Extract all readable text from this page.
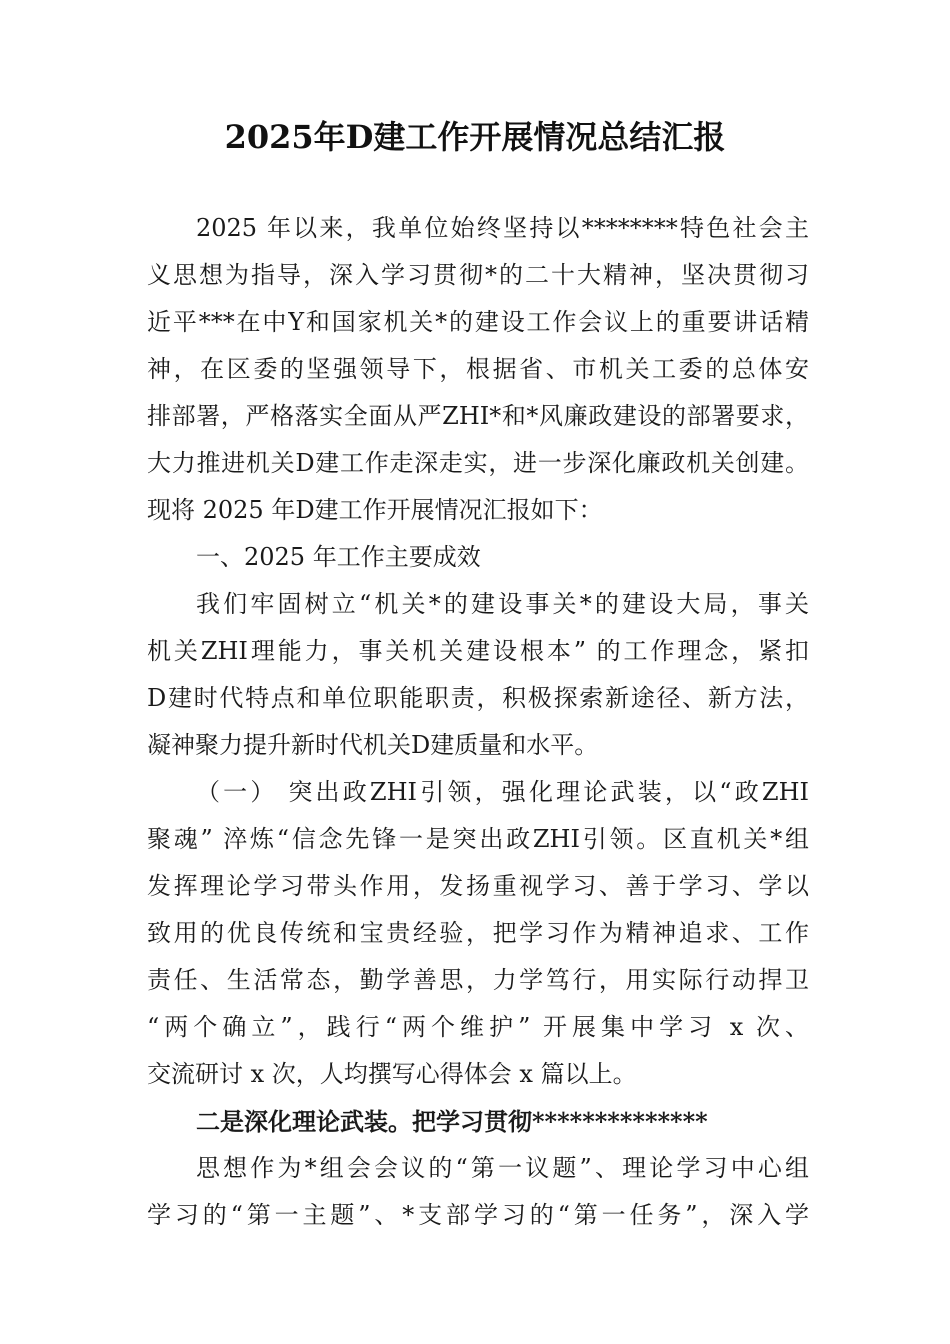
2025年D建工作开展情况总结汇报
2025 年以来，我单位始终坚持以********特色社会主
义思想为指导，深入学习贯彻*的二十大精神，坚决贯彻习
近平***在中Y和国家机关*的建设工作会议上的重要讲话精
神，在区委的坚强领导下，根据省、市机关工委的总体安
排部署，严格落实全面从严ZHI*和*风廉政建设的部署要求，
大力推进机关D建工作走深走实，进一步深化廉政机关创建。
现将 2025 年D建工作开展情况汇报如下：
一、2025 年工作主要成效
我们牢固树立“机关*的建设事关*的建设大局，事关
机关ZHI理能力，事关机关建设根本” 的工作理念，紧扣
D建时代特点和单位职能职责，积极探索新途径、新方法，
凝神聚力提升新时代机关D建质量和水平。
（一） 突出政ZHI引领，强化理论武装，以“政ZHI
聚魂” 淬炼“信念先锋一是突出政ZHI引领。区直机关*组
发挥理论学习带头作用，发扬重视学习、善于学习、学以
致用的优良传统和宝贵经验，把学习作为精神追求、工作
责任、生活常态，勤学善思，力学笃行，用实际行动捍卫
“两个确立”，践行“两个维护” 开展集中学习 x 次、
交流研讨 x 次，人均撰写心得体会 x 篇以上。
二是深化理论武装。把学习贯彻**************
思想作为*组会会议的“第一议题”、理论学习中心组
学习的“第一主题”、*支部学习的“第一任务”，深入学
